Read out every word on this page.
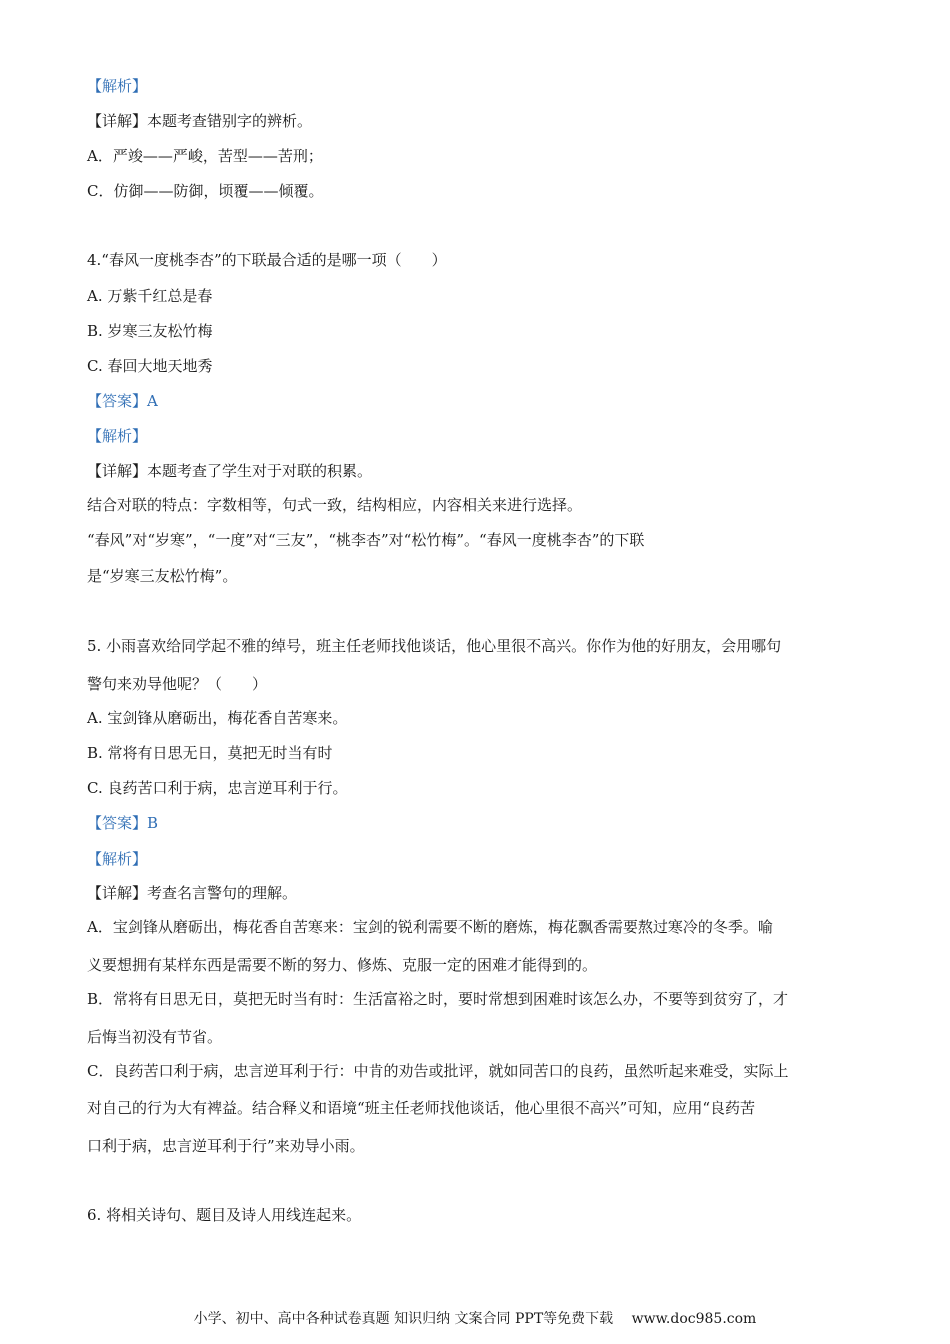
【解析】
【详解】本题考查错别字的辨析。
A．严竣——严峻，苦型——苦刑；
C．仿御——防御，顷覆——倾覆。
4.“春风一度桃李杏”的下联最合适的是哪一项（　　）
A. 万紫千红总是春
B. 岁寒三友松竹梅
C. 春回大地天地秀
【答案】A
【解析】
【详解】本题考查了学生对于对联的积累。
结合对联的特点：字数相等，句式一致，结构相应，内容相关来进行选择。
“春风”对“岁寒”，“一度”对“三友”，“桃李杏”对“松竹梅”。“春风一度桃李杏”的下联
是“岁寒三友松竹梅”。
5. 小雨喜欢给同学起不雅的绰号，班主任老师找他谈话，他心里很不高兴。你作为他的好朋友，会用哪句
警句来劝导他呢？（　　）
A. 宝剑锋从磨砺出，梅花香自苦寒来。
B. 常将有日思无日，莫把无时当有时
C. 良药苦口利于病，忠言逆耳利于行。
【答案】B
【解析】
【详解】考查名言警句的理解。
A．宝剑锋从磨砺出，梅花香自苦寒来：宝剑的锐利需要不断的磨炼，梅花飘香需要熬过寒冷的冬季。喻
义要想拥有某样东西是需要不断的努力、修炼、克服一定的困难才能得到的。
B．常将有日思无日，莫把无时当有时：生活富裕之时，要时常想到困难时该怎么办，不要等到贫穷了，才
后悔当初没有节省。
C．良药苦口利于病，忠言逆耳利于行：中肯的劝告或批评，就如同苦口的良药，虽然听起来难受，实际上
对自己的行为大有裨益。结合释义和语境“班主任老师找他谈话，他心里很不高兴”可知，应用“良药苦
口利于病，忠言逆耳利于行”来劝导小雨。
6. 将相关诗句、题目及诗人用线连起来。
小学、初中、高中各种试卷真题 知识归纳 文案合同 PPT等免费下载 www.doc985.com
